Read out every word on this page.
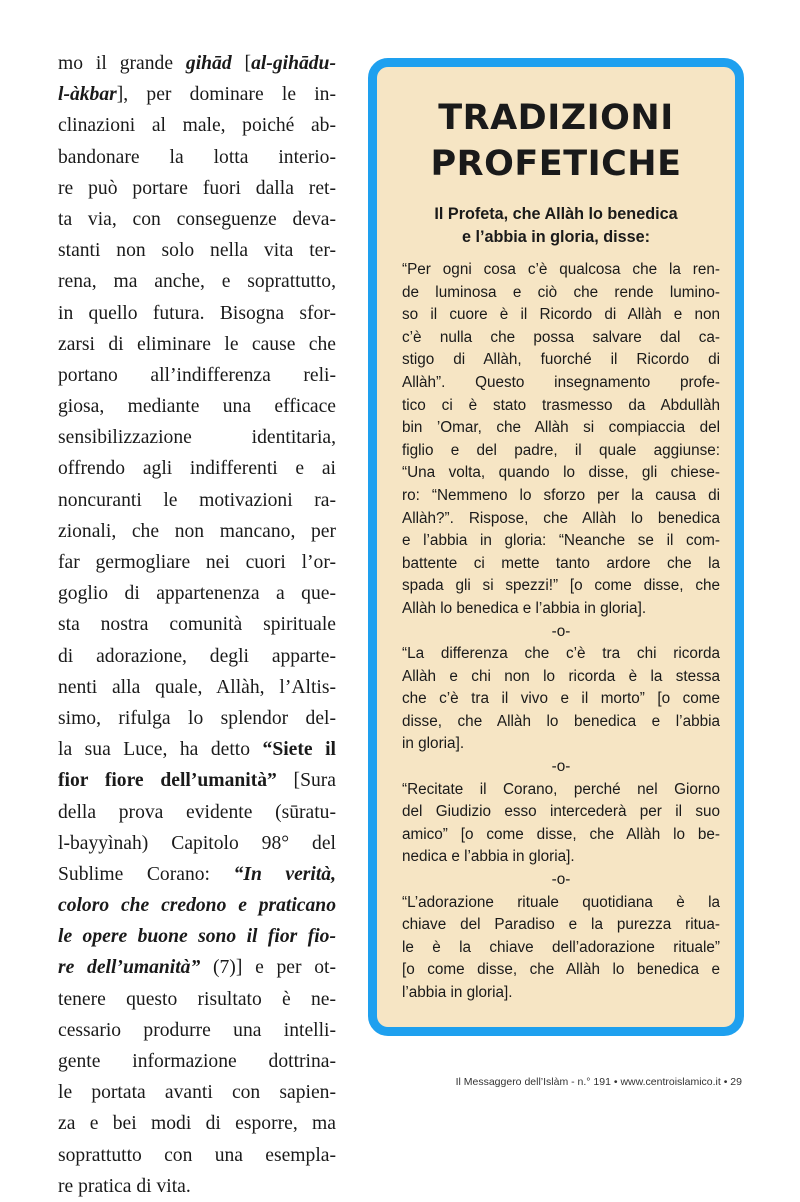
mo il grande gihād [al-gihādu-
l-àkbar], per dominare le in-
clinazioni al male, poiché ab-
bandonare la lotta interio-
re può portare fuori dalla ret-
ta via, con conseguenze deva-
stanti non solo nella vita ter-
rena, ma anche, e soprattutto,
in quello futura. Bisogna sfor-
zarsi di eliminare le cause che
portano all’indifferenza reli-
giosa, mediante una efficace
sensibilizzazione identitaria,
offrendo agli indifferenti e ai
noncuranti le motivazioni ra-
zionali, che non mancano, per
far germogliare nei cuori l’or-
goglio di appartenenza a que-
sta nostra comunità spirituale
di adorazione, degli apparte-
nenti alla quale, Allàh, l’Altis-
simo, rifulga lo splendor del-
la sua Luce, ha detto “Siete il
fior fiore dell’umanità” [Sura
della prova evidente (sūratu-
l-bayyìnah) Capitolo 98° del
Sublime Corano: “In verità,
coloro che credono e praticano
le opere buone sono il fior fio-
re dell’umanità” (7)] e per ot-
tenere questo risultato è ne-
cessario produrre una intelli-
gente informazione dottrina-
le portata avanti con sapien-
za e bei modi di esporre, ma
soprattutto con una esempla-
re pratica di vita.
TRADIZIONI
PROFETICHE
Il Profeta, che Allàh lo benedica
e l’abbia in gloria, disse:
“Per ogni cosa c’è qualcosa che la ren-
de luminosa e ciò che rende lumino-
so il cuore è il Ricordo di Allàh e non
c’è nulla che possa salvare dal ca-
stigo di Allàh, fuorché il Ricordo di
Allàh”. Questo insegnamento profe-
tico ci è stato trasmesso da Abdullàh
bin ’Omar, che Allàh si compiaccia del
figlio e del padre, il quale aggiunse:
“Una volta, quando lo disse, gli chiese-
ro: “Nemmeno lo sforzo per la causa di
Allàh?”. Rispose, che Allàh lo benedica
e l’abbia in gloria: “Neanche se il com-
battente ci mette tanto ardore che la
spada gli si spezzi!” [o come disse, che
Allàh lo benedica e l’abbia in gloria].
-o-
“La differenza che c’è tra chi ricorda
Allàh e chi non lo ricorda è la stessa
che c’è tra il vivo e il morto” [o come
disse, che Allàh lo benedica e l’abbia
in gloria].
-o-
“Recitate il Corano, perché nel Giorno
del Giudizio esso intercederà per il suo
amico” [o come disse, che Allàh lo be-
nedica e l’abbia in gloria].
-o-
“L’adorazione rituale quotidiana è la
chiave del Paradiso e la purezza ritua-
le è la chiave dell’adorazione rituale”
[o come disse, che Allàh lo benedica e
l’abbia in gloria].
Il Messaggero dell’Islàm - n.° 191 • www.centroislamico.it • 29
